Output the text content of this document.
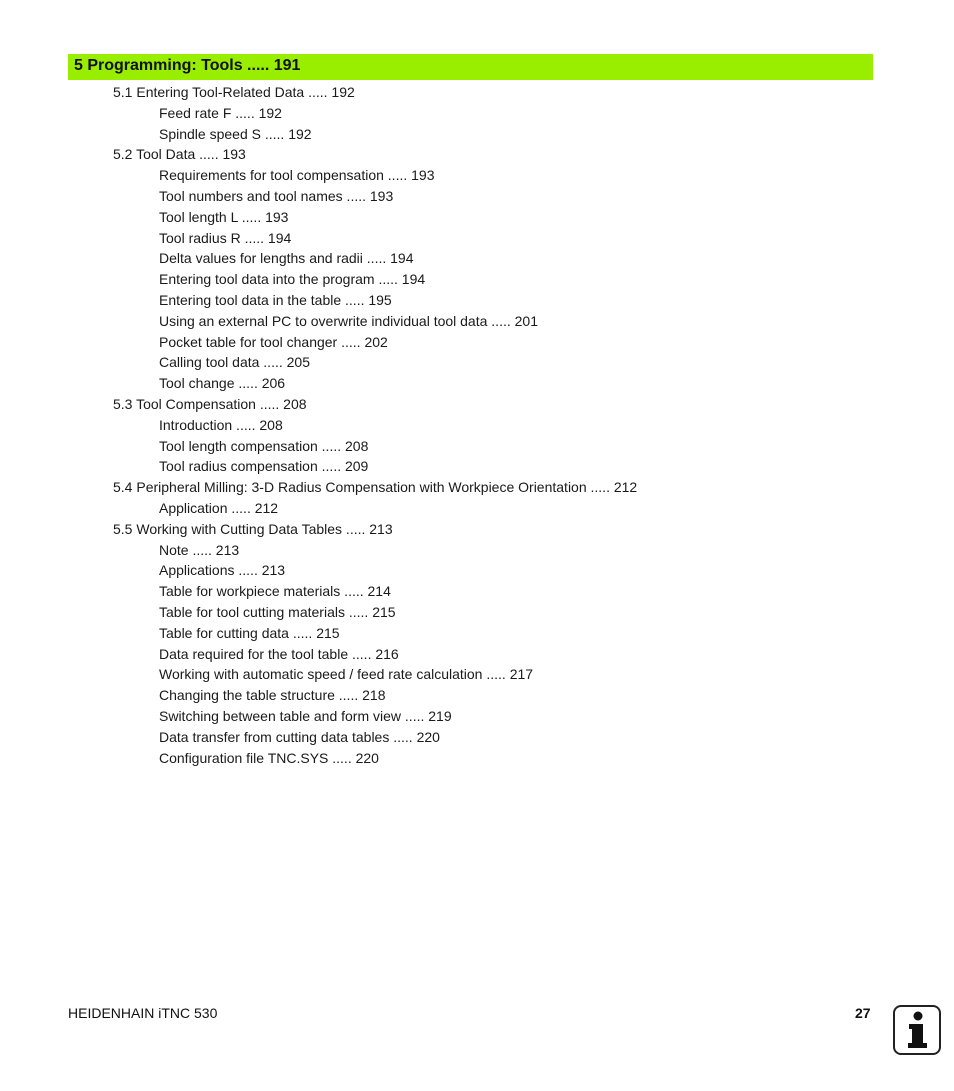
5 Programming: Tools ..... 191
5.1 Entering Tool-Related Data ..... 192
Feed rate F ..... 192
Spindle speed S ..... 192
5.2 Tool Data ..... 193
Requirements for tool compensation ..... 193
Tool numbers and tool names ..... 193
Tool length L ..... 193
Tool radius R ..... 194
Delta values for lengths and radii ..... 194
Entering tool data into the program ..... 194
Entering tool data in the table ..... 195
Using an external PC to overwrite individual tool data ..... 201
Pocket table for tool changer ..... 202
Calling tool data ..... 205
Tool change ..... 206
5.3 Tool Compensation ..... 208
Introduction ..... 208
Tool length compensation ..... 208
Tool radius compensation ..... 209
5.4 Peripheral Milling: 3-D Radius Compensation with Workpiece Orientation ..... 212
Application ..... 212
5.5 Working with Cutting Data Tables ..... 213
Note ..... 213
Applications ..... 213
Table for workpiece materials ..... 214
Table for tool cutting materials ..... 215
Table for cutting data ..... 215
Data required for the tool table ..... 216
Working with automatic speed / feed rate calculation ..... 217
Changing the table structure ..... 218
Switching between table and form view ..... 219
Data transfer from cutting data tables ..... 220
Configuration file TNC.SYS ..... 220
HEIDENHAIN iTNC 530	27
